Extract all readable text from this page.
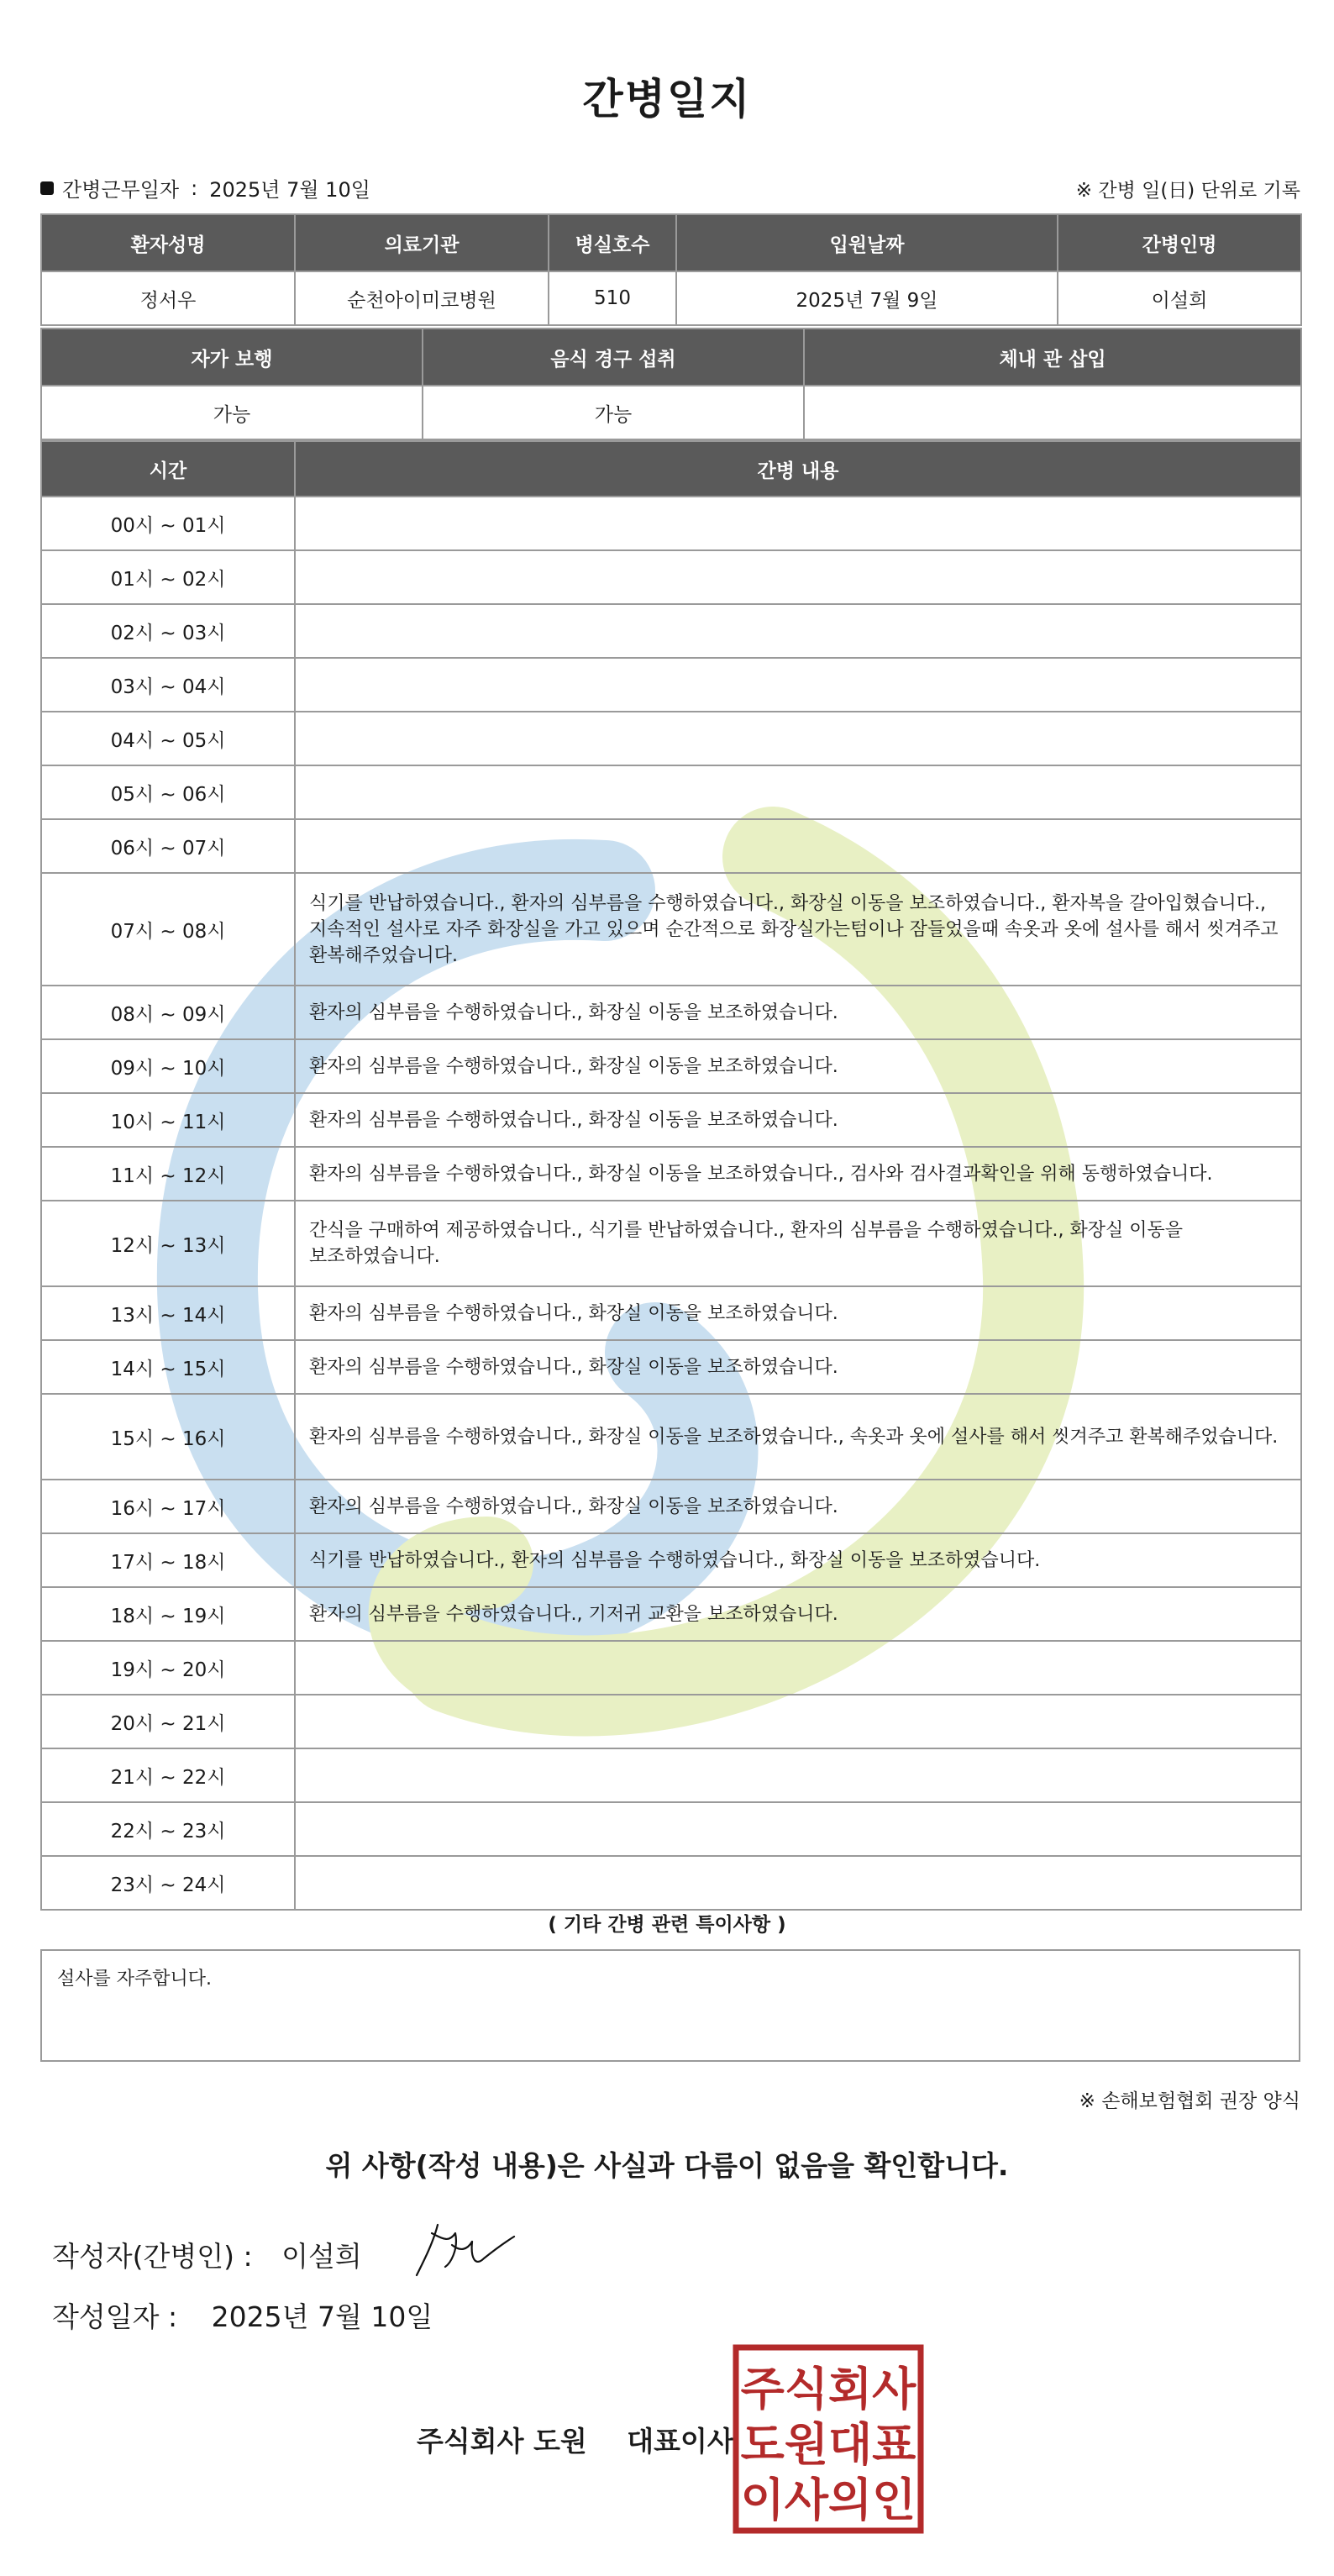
간병일지
간병근무일자 : 2025년 7월 10일	※ 간병 일(日) 단위로 기록
환자성명	의료기관	병실호수	입원날짜	간병인명
정서우	순천아이미코병원	510	2025년 7월 9일	이설희
자가 보행	음식 경구 섭취	체내 관 삽입
가능	가능	
시간	간병 내용
00시 ~ 01시	
01시 ~ 02시	
02시 ~ 03시	
03시 ~ 04시	
04시 ~ 05시	
05시 ~ 06시	
06시 ~ 07시	
07시 ~ 08시	식기를 반납하였습니다., 환자의 심부름을 수행하였습니다., 화장실 이동을 보조하였습니다., 환자복을 갈아입혔습니다., 지속적인 설사로 자주 화장실을 가고 있으며 순간적으로 화장실가는텀이나 잠들었을때 속옷과 옷에 설사를 해서 씻겨주고 환복해주었습니다.
08시 ~ 09시	환자의 심부름을 수행하였습니다., 화장실 이동을 보조하였습니다.
09시 ~ 10시	환자의 심부름을 수행하였습니다., 화장실 이동을 보조하였습니다.
10시 ~ 11시	환자의 심부름을 수행하였습니다., 화장실 이동을 보조하였습니다.
11시 ~ 12시	환자의 심부름을 수행하였습니다., 화장실 이동을 보조하였습니다., 검사와 검사결과확인을 위해 동행하였습니다.
12시 ~ 13시	간식을 구매하여 제공하였습니다., 식기를 반납하였습니다., 환자의 심부름을 수행하였습니다., 화장실 이동을 보조하였습니다.
13시 ~ 14시	환자의 심부름을 수행하였습니다., 화장실 이동을 보조하였습니다.
14시 ~ 15시	환자의 심부름을 수행하였습니다., 화장실 이동을 보조하였습니다.
15시 ~ 16시	환자의 심부름을 수행하였습니다., 화장실 이동을 보조하였습니다., 속옷과 옷에 설사를 해서 씻겨주고 환복해주었습니다.
16시 ~ 17시	환자의 심부름을 수행하였습니다., 화장실 이동을 보조하였습니다.
17시 ~ 18시	식기를 반납하였습니다., 환자의 심부름을 수행하였습니다., 화장실 이동을 보조하였습니다.
18시 ~ 19시	환자의 심부름을 수행하였습니다., 기저귀 교환을 보조하였습니다.
19시 ~ 20시	
20시 ~ 21시	
21시 ~ 22시	
22시 ~ 23시	
23시 ~ 24시	
( 기타 간병 관련 특이사항 )
설사를 자주합니다.
※ 손해보험협회 권장 양식
위 사항(작성 내용)은 사실과 다름이 없음을 확인합니다.
작성자(간병인) : 이설희
작성일자 : 2025년 7월 10일
주식회사 도원 대표이사
주식회사
도원대표
이사의인
